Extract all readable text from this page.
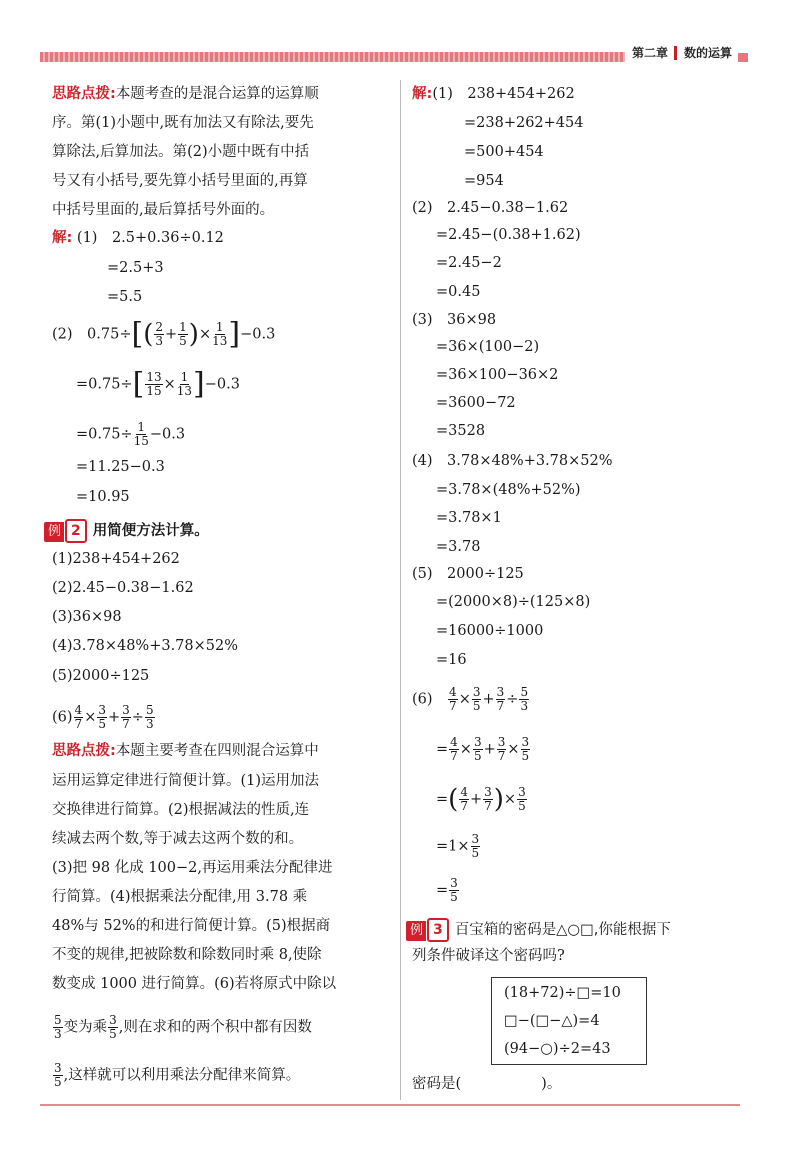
第二章 数的运算
思路点拨:本题考查的是混合运算的运算顺
序。第(1)小题中,既有加法又有除法,要先
算除法,后算加法。第(2)小题中既有中括
号又有小括号,要先算小括号里面的,再算
中括号里面的,最后算括号外面的。
解: (1)　2.5+0.36÷0.12
=2.5+3
=5.5
(2)　$0.75\div[( \frac{2}{3} + \frac{1}{5}$ )× $\frac{1}{13} ]-0.3$
$=0.75\div[ \frac{13}{15} \times \frac{1}{13} ]-0.3$
$=0.75\div \frac{1}{15} -0.3$
=11.25−0.3
=10.95
例 2 用简便方法计算。
(1)238+454+262
(2)2.45−0.38−1.62
(3)36×98
(4)3.78×48%+3.78×52%
(5)2000÷125
$(6) \frac{4}{7} \times \frac{3}{5} + \frac{3}{7} \div \frac{5}{3}$
思路点拨:本题主要考查在四则混合运算中
运用运算定律进行简便计算。(1)运用加法
交换律进行简算。(2)根据减法的性质,连
续减去两个数,等于减去这两个数的和。
(3)把 98 化成 100−2,再运用乘法分配律进
行简算。(4)根据乘法分配律,用 3.78 乘
48%与 52%的和进行简便计算。(5)根据商
不变的规律,把被除数和除数同时乘 8,使除
数变成 1000 进行简算。(6)若将原式中除以
$\frac{5}{3}$ 变为乘 $\frac{3}{5}$ ,则在求和的两个积中都有因数
$\frac{3}{5}$ ,这样就可以利用乘法分配律来简算。
解:(1)　238+454+262
=238+262+454
=500+454
=954
(2)　2.45−0.38−1.62
=2.45−(0.38+1.62)
=2.45−2
=0.45
(3)　36×98
=36×(100−2)
=36×100−36×2
=3600−72
=3528
(4)　3.78×48%+3.78×52%
=3.78×(48%+52%)
=3.78×1
=3.78
(5)　2000÷125
=(2000×8)÷(125×8)
=16000÷1000
=16
(6)　 $\frac{4}{7} \times \frac{3}{5} + \frac{3}{7} \div \frac{5}{3}$
= $\frac{4}{7} \times \frac{3}{5} + \frac{3}{7} \times \frac{3}{5}$
=( $\frac{4}{7} + \frac{3}{7}$ )× $\frac{3}{5}$
$=1\times \frac{3}{5}$
= $\frac{3}{5}$
例 3 百宝箱的密码是△○□,你能根据下
列条件破译这个密码吗?
(18+72)÷□=10
□−(□−△)=4
(94−○)÷2=43
密码是(	)。
